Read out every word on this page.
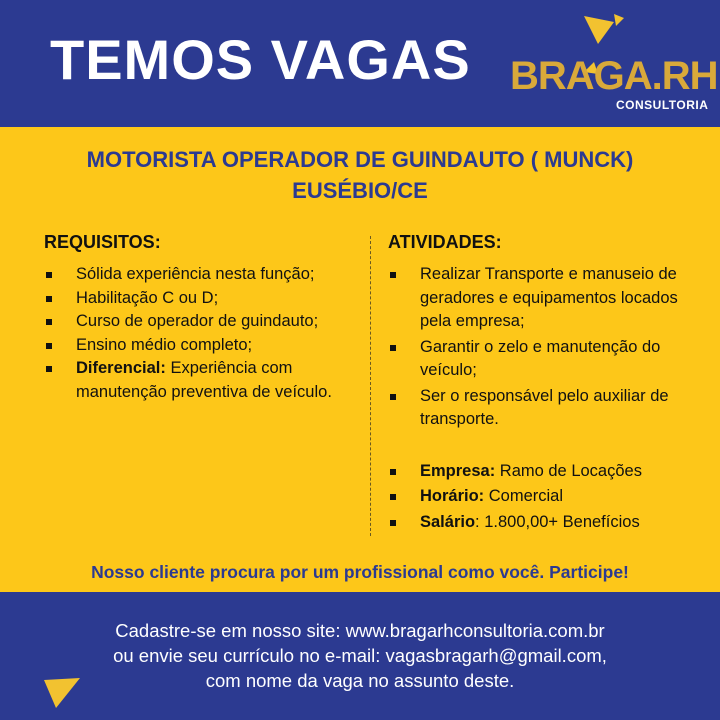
TEMOS VAGAS BRAGA.RH
CONSULTORIA
MOTORISTA OPERADOR DE GUINDAUTO ( MUNCK)
EUSÉBIO/CE
REQUISITOS:
Sólida experiência nesta função;
Habilitação C ou D;
Curso de operador de guindauto;
Ensino médio completo;
Diferencial: Experiência com manutenção preventiva de veículo.
ATIVIDADES:
Realizar Transporte e manuseio de geradores e equipamentos locados pela empresa;
Garantir o zelo e manutenção do veículo;
Ser o responsável pelo auxiliar de transporte.
Empresa: Ramo de Locações
Horário: Comercial
Salário: 1.800,00+ Benefícios
Nosso cliente procura por um profissional como você. Participe!
Cadastre-se em nosso site: www.bragarhconsultoria.com.br
ou envie seu currículo no e-mail: vagasbragarh@gmail.com,
com nome da vaga no assunto deste.
